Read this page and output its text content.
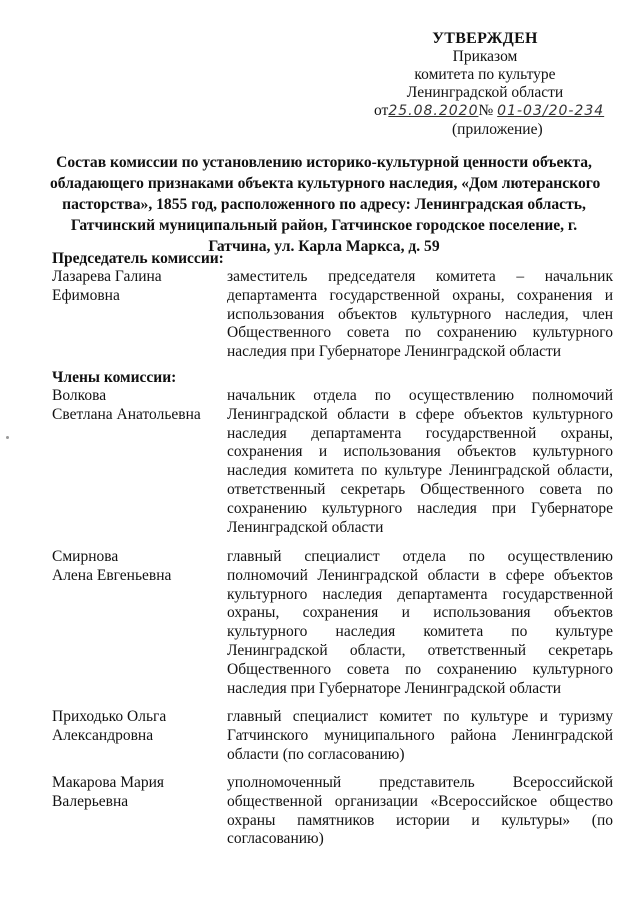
УТВЕРЖДЕН
Приказом
комитета по культуре
Ленинградской области
от25.08.2020№ 01-03/20-234
(приложение)
Состав комиссии по установлению историко-культурной ценности объекта,
обладающего признаками объекта культурного наследия, «Дом лютеранского
пасторства», 1855 год, расположенного по адресу: Ленинградская область,
Гатчинский муниципальный район, Гатчинское городское поселение, г.
Гатчина, ул. Карла Маркса, д. 59
Председатель комиссии:
Лазарева Галина
Ефимовна
заместитель председателя комитета – начальник
департамента государственной охраны, сохранения и
использования объектов культурного наследия, член
Общественного совета по сохранению культурного
наследия при Губернаторе Ленинградской области
Члены комиссии:
Волкова
Светлана Анатольевна
начальник отдела по осуществлению полномочий
Ленинградской области в сфере объектов культурного
наследия департамента государственной охраны,
сохранения и использования объектов культурного
наследия комитета по культуре Ленинградской области,
ответственный секретарь Общественного совета по
сохранению культурного наследия при Губернаторе
Ленинградской области
Смирнова
Алена Евгеньевна
главный специалист отдела по осуществлению
полномочий Ленинградской области в сфере объектов
культурного наследия департамента государственной
охраны, сохранения и использования объектов
культурного наследия комитета по культуре
Ленинградской области, ответственный секретарь
Общественного совета по сохранению культурного
наследия при Губернаторе Ленинградской области
Приходько Ольга
Александровна
главный специалист комитет по культуре и туризму
Гатчинского муниципального района Ленинградской
области (по согласованию)
Макарова Мария
Валерьевна
уполномоченный представитель Всероссийской
общественной организации «Всероссийское общество
охраны памятников истории и культуры» (по
согласованию)
